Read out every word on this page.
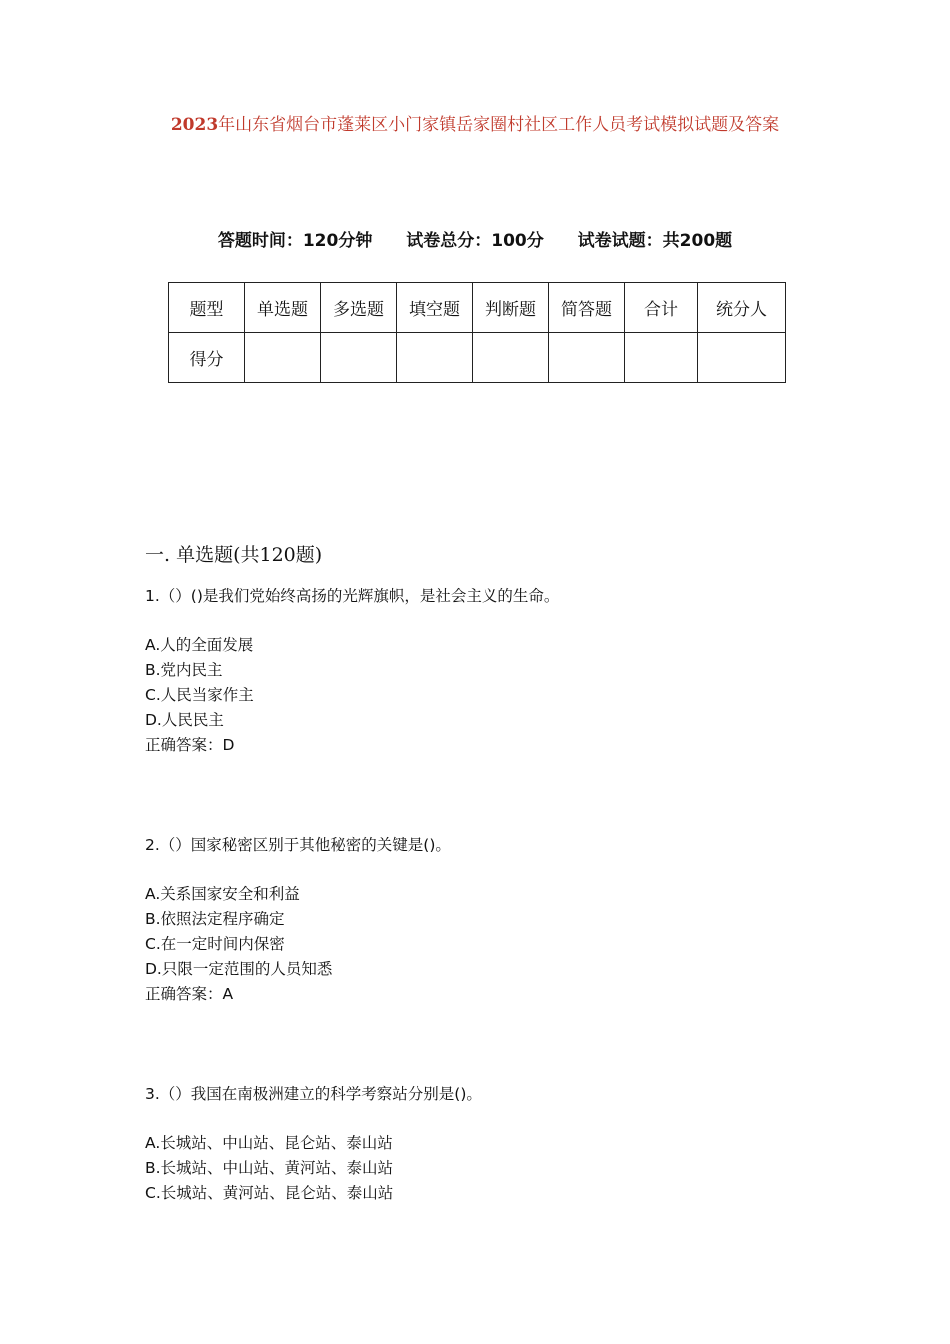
2023年山东省烟台市蓬莱区小门家镇岳家圈村社区工作人员考试模拟试题及答案
答题时间：120分钟 试卷总分：100分 试卷试题：共200题
题型	单选题	多选题	填空题	判断题	简答题	合计	统分人
得分							
一. 单选题(共120题)
1.（）()是我们党始终高扬的光辉旗帜，是社会主义的生命。
A.人的全面发展
B.党内民主
C.人民当家作主
D.人民民主
正确答案：D
2.（）国家秘密区别于其他秘密的关键是()。
A.关系国家安全和利益
B.依照法定程序确定
C.在一定时间内保密
D.只限一定范围的人员知悉
正确答案：A
3.（）我国在南极洲建立的科学考察站分别是()。
A.长城站、中山站、昆仑站、泰山站
B.长城站、中山站、黄河站、泰山站
C.长城站、黄河站、昆仑站、泰山站
